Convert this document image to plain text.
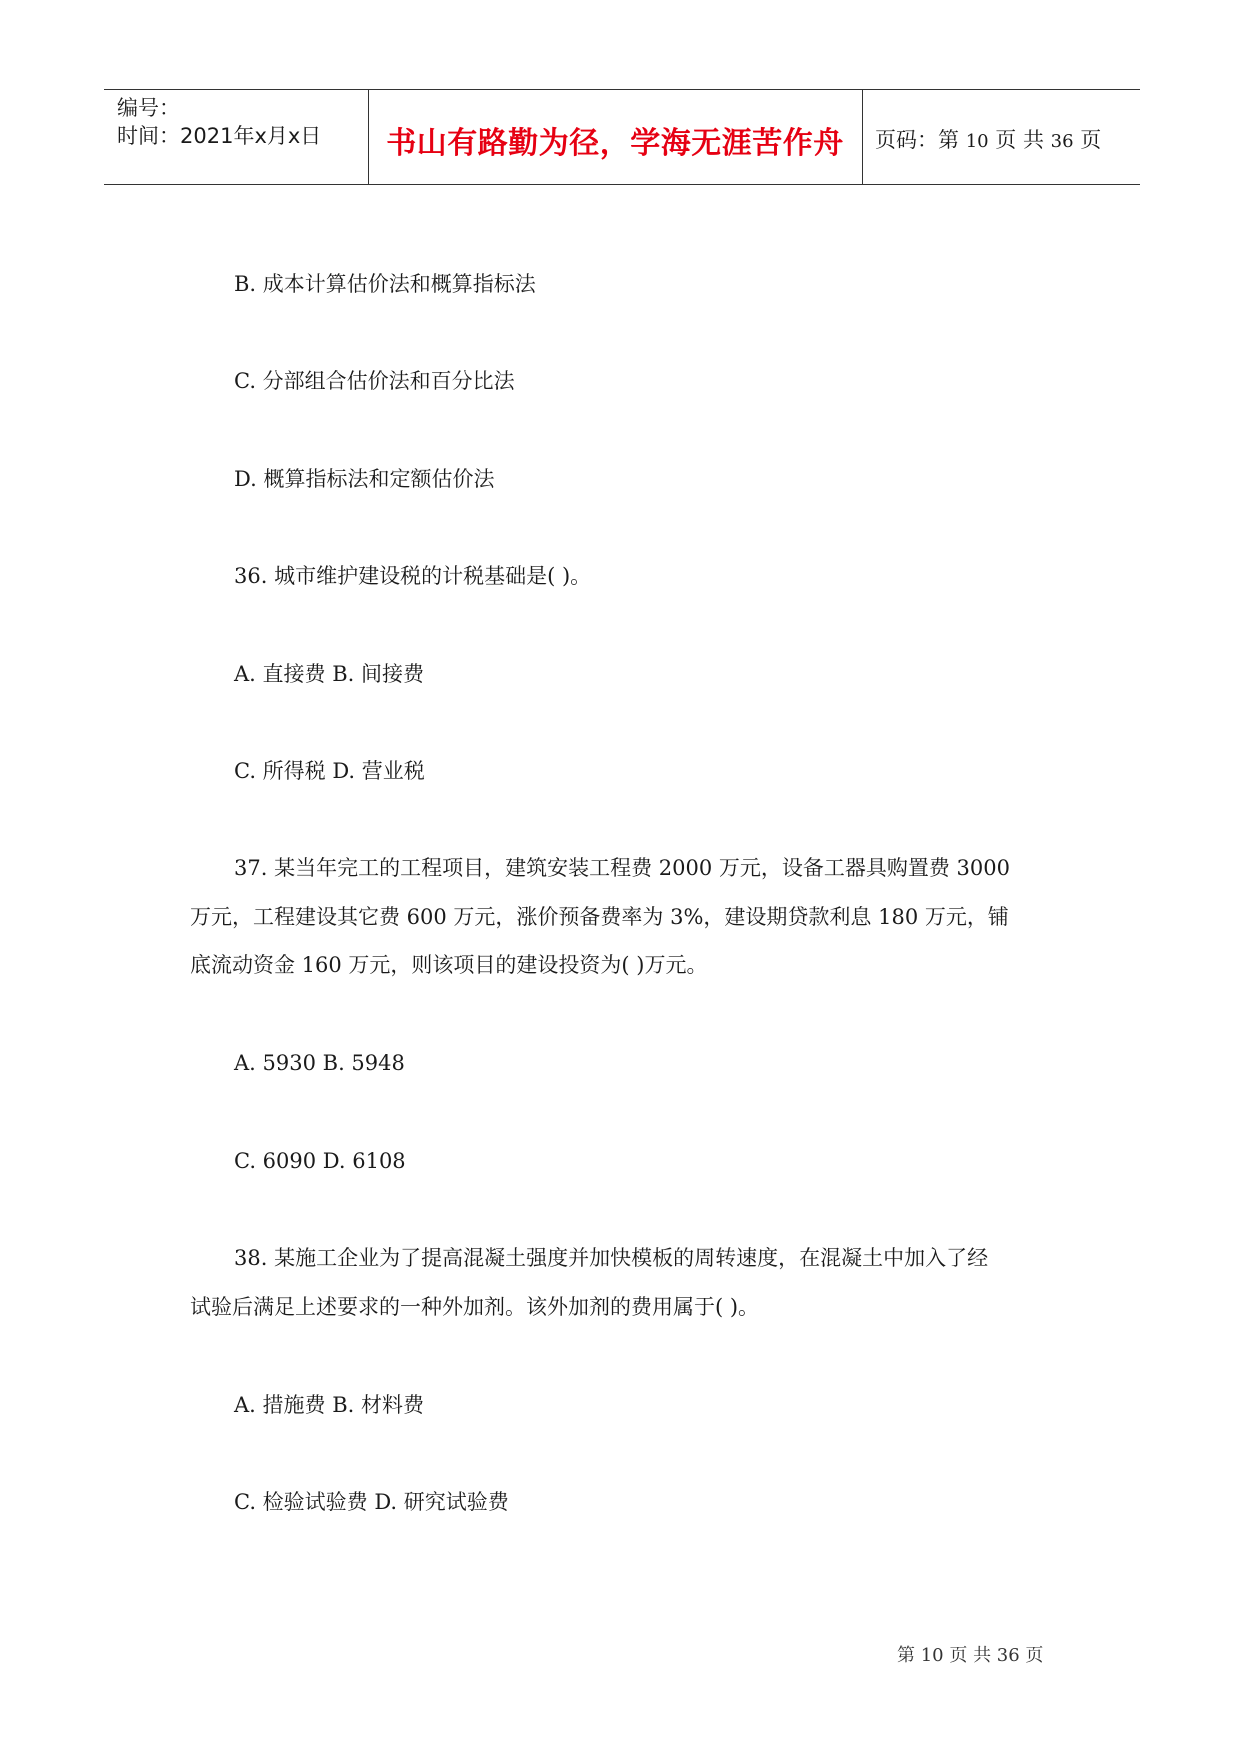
编号：
时间：2021年x月x日	书山有路勤为径，学海无涯苦作舟	页码：第 10 页 共 36 页
B. 成本计算估价法和概算指标法
C. 分部组合估价法和百分比法
D. 概算指标法和定额估价法
36. 城市维护建设税的计税基础是( )。
A. 直接费 B. 间接费
C. 所得税 D. 营业税
37. 某当年完工的工程项目，建筑安装工程费 2000 万元，设备工器具购置费 3000
万元，工程建设其它费 600 万元，涨价预备费率为 3%，建设期贷款利息 180 万元，铺
底流动资金 160 万元，则该项目的建设投资为( )万元。
A. 5930 B. 5948
C. 6090 D. 6108
38. 某施工企业为了提高混凝土强度并加快模板的周转速度，在混凝土中加入了经
试验后满足上述要求的一种外加剂。该外加剂的费用属于( )。
A. 措施费 B. 材料费
C. 检验试验费 D. 研究试验费
第 10 页 共 36 页
